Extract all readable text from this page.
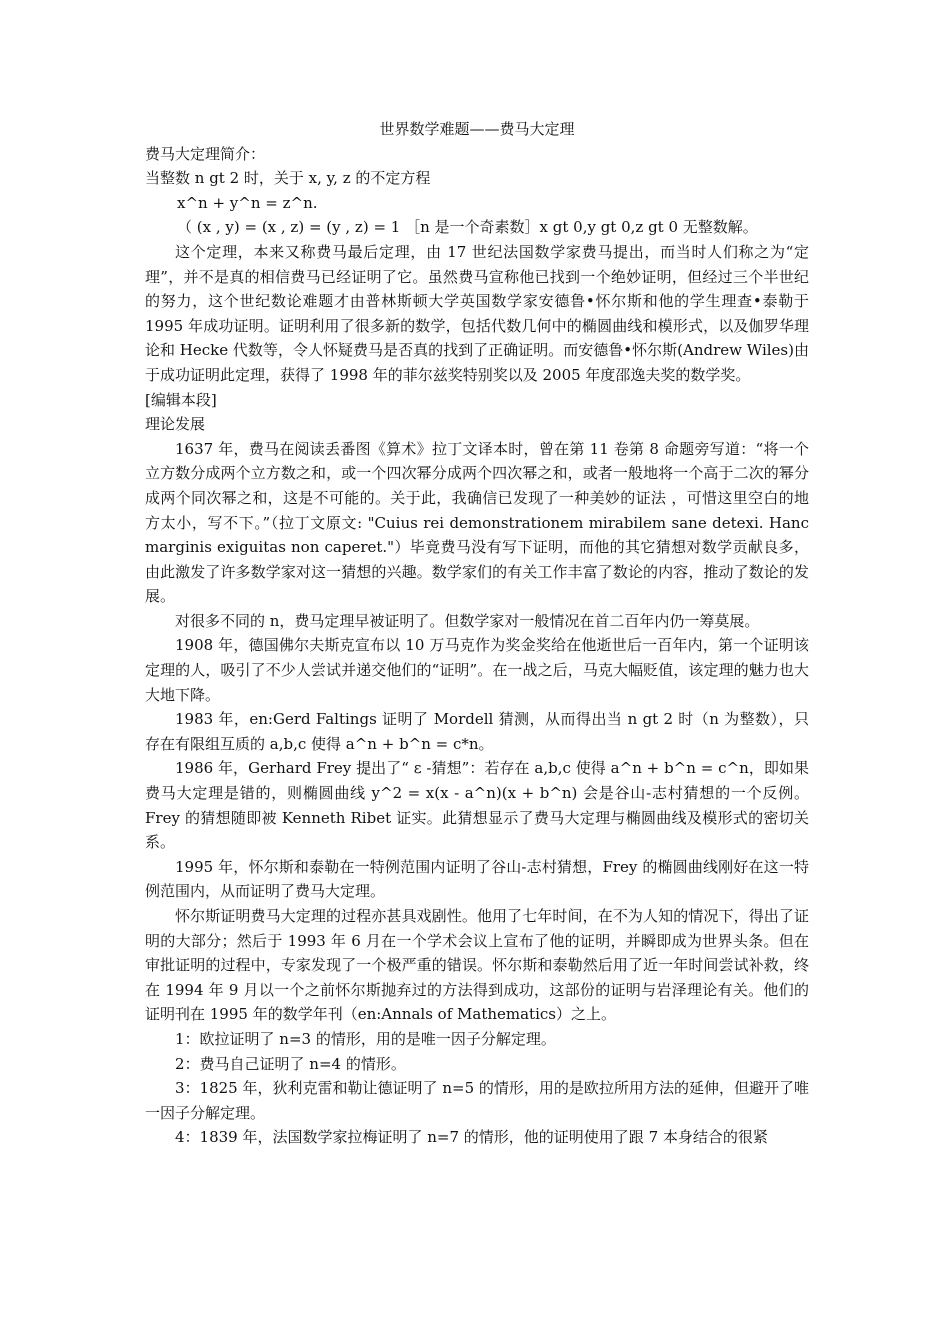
世界数学难题——费马大定理

费马大定理简介：

当整数 n gt 2 时，关于 x, y, z 的不定方程

x^n + y^n = z^n.

（ (x , y) = (x , z) = (y , z) = 1 ［n 是一个奇素数］x gt 0,y gt 0,z gt 0 无整数解。

这个定理，本来又称费马最后定理，由 17 世纪法国数学家费马提出，而当时人们称之为“定理”，并不是真的相信费马已经证明了它。虽然费马宣称他已找到一个绝妙证明，但经过三个半世纪的努力，这个世纪数论难题才由普林斯顿大学英国数学家安德鲁•怀尔斯和他的学生理查•泰勒于 1995 年成功证明。证明利用了很多新的数学，包括代数几何中的椭圆曲线和模形式，以及伽罗华理论和 Hecke 代数等，令人怀疑费马是否真的找到了正确证明。而安德鲁•怀尔斯(Andrew Wiles)由于成功证明此定理，获得了 1998 年的菲尔兹奖特别奖以及 2005 年度邵逸夫奖的数学奖。

[编辑本段]

理论发展

1637 年，费马在阅读丢番图《算术》拉丁文译本时，曾在第 11 卷第 8 命题旁写道：“将一个立方数分成两个立方数之和，或一个四次幂分成两个四次幂之和，或者一般地将一个高于二次的幂分成两个同次幂之和，这是不可能的。关于此，我确信已发现了一种美妙的证法 ，可惜这里空白的地方太小，写不下。”（拉丁文原文: "Cuius rei demonstrationem mirabilem sane detexi. Hanc marginis exiguitas non caperet."）毕竟费马没有写下证明，而他的其它猜想对数学贡献良多，由此激发了许多数学家对这一猜想的兴趣。数学家们的有关工作丰富了数论的内容，推动了数论的发展。

对很多不同的 n，费马定理早被证明了。但数学家对一般情况在首二百年内仍一筹莫展。

1908 年，德国佛尔夫斯克宣布以 10 万马克作为奖金奖给在他逝世后一百年内，第一个证明该定理的人，吸引了不少人尝试并递交他们的“证明”。在一战之后，马克大幅贬值，该定理的魅力也大大地下降。

1983 年，en:Gerd Faltings 证明了 Mordell 猜测，从而得出当 n gt 2 时（n 为整数），只存在有限组互质的 a,b,c 使得 a^n + b^n = c*n。

1986 年，Gerhard Frey 提出了“ ε -猜想”：若存在 a,b,c 使得 a^n + b^n = c^n，即如果费马大定理是错的，则椭圆曲线 y^2 = x(x - a^n)(x + b^n) 会是谷山-志村猜想的一个反例。Frey 的猜想随即被 Kenneth Ribet 证实。此猜想显示了费马大定理与椭圆曲线及模形式的密切关系。

1995 年，怀尔斯和泰勒在一特例范围内证明了谷山-志村猜想，Frey 的椭圆曲线刚好在这一特例范围内，从而证明了费马大定理。

怀尔斯证明费马大定理的过程亦甚具戏剧性。他用了七年时间，在不为人知的情况下，得出了证明的大部分；然后于 1993 年 6 月在一个学术会议上宣布了他的证明，并瞬即成为世界头条。但在审批证明的过程中，专家发现了一个极严重的错误。怀尔斯和泰勒然后用了近一年时间尝试补救，终在 1994 年 9 月以一个之前怀尔斯抛弃过的方法得到成功，这部份的证明与岩泽理论有关。他们的证明刊在 1995 年的数学年刊（en:Annals of Mathematics）之上。

1：欧拉证明了 n=3 的情形，用的是唯一因子分解定理。

2：费马自己证明了 n=4 的情形。

3：1825 年，狄利克雷和勒让德证明了 n=5 的情形，用的是欧拉所用方法的延伸，但避开了唯一因子分解定理。

4：1839 年，法国数学家拉梅证明了 n=7 的情形，他的证明使用了跟 7 本身结合的很紧
